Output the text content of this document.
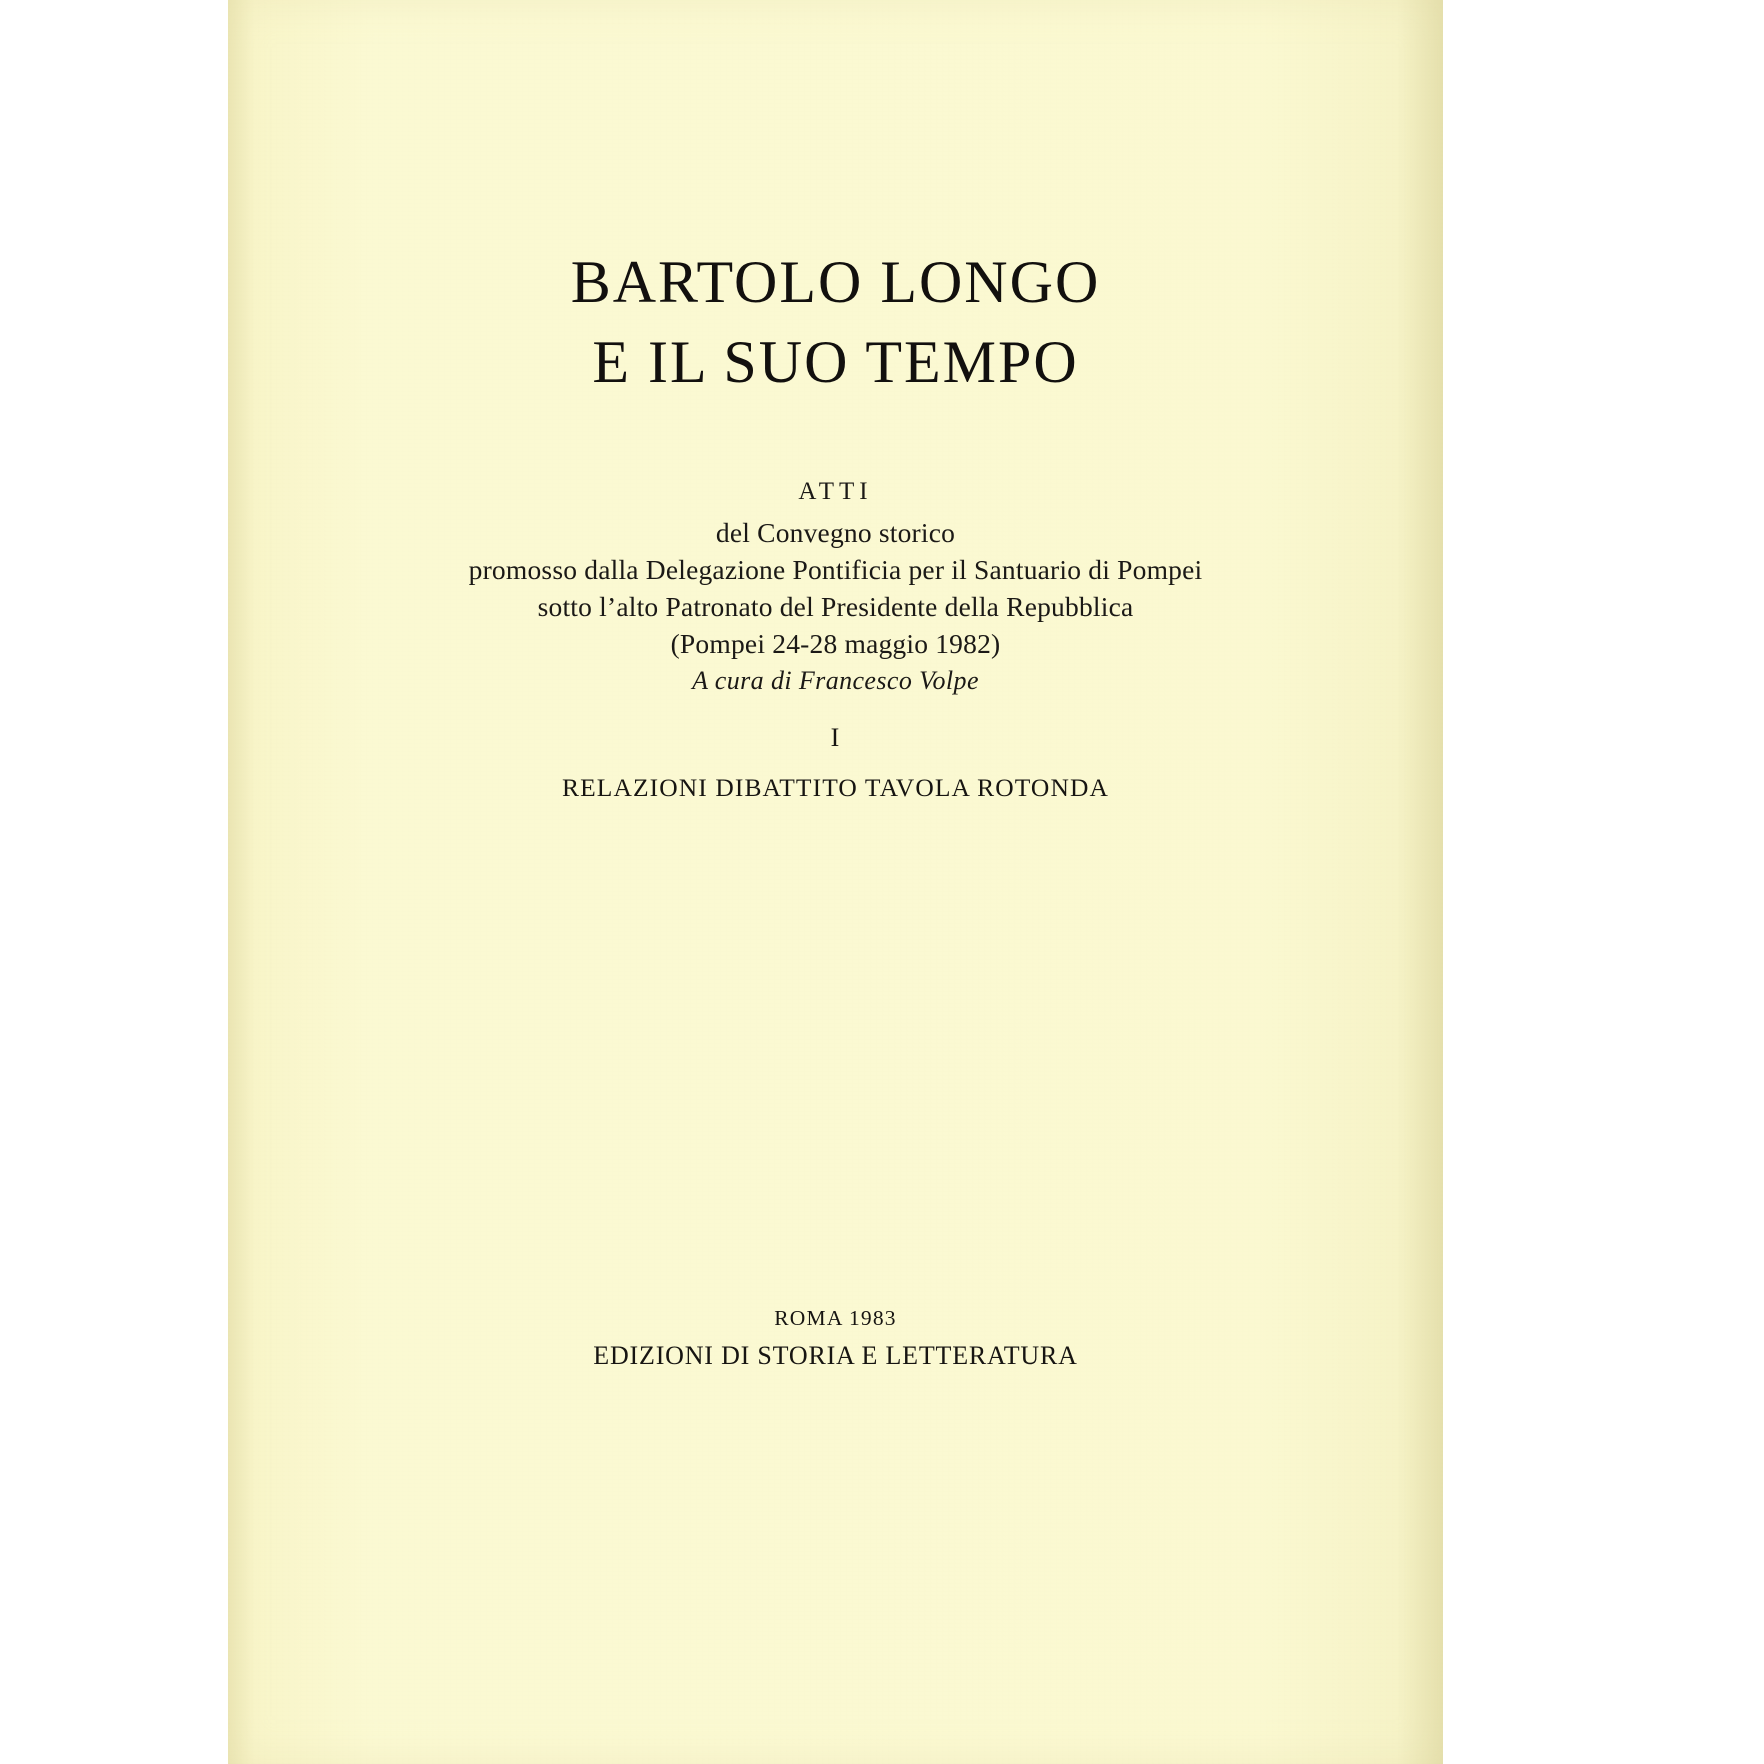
BARTOLO LONGO
E IL SUO TEMPO
ATTI
del Convegno storico
promosso dalla Delegazione Pontificia per il Santuario di Pompei
sotto l’alto Patronato del Presidente della Repubblica
(Pompei 24-28 maggio 1982)
A cura di Francesco Volpe
I
RELAZIONI DIBATTITO TAVOLA ROTONDA
ROMA 1983
EDIZIONI DI STORIA E LETTERATURA
